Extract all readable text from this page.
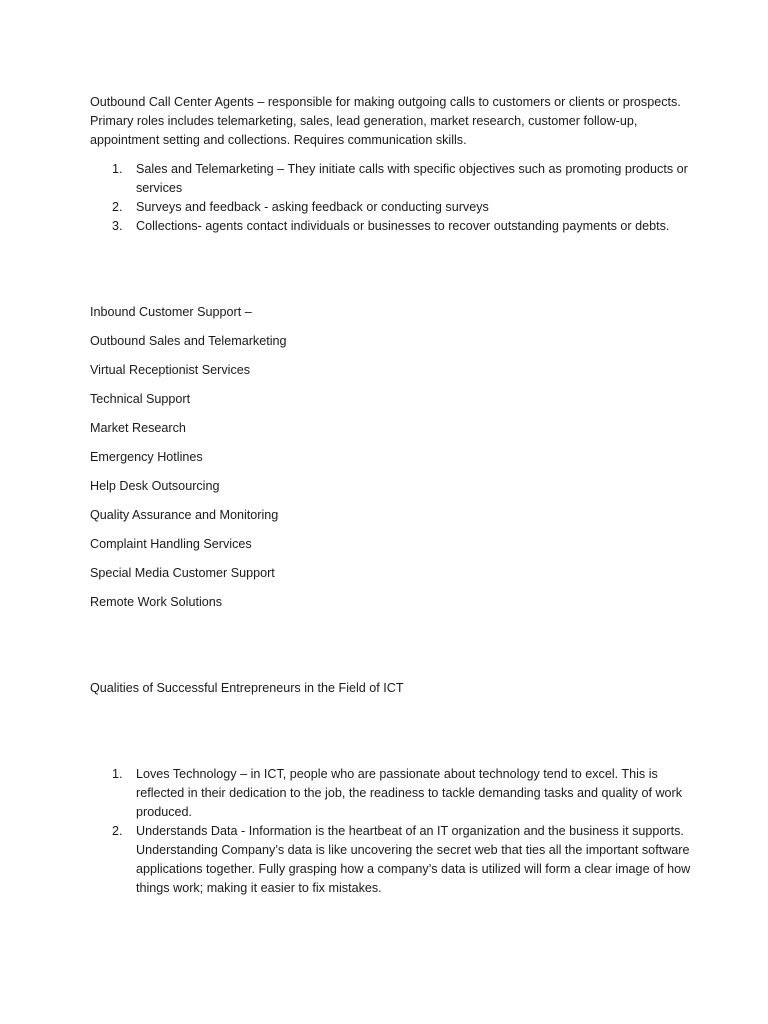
Outbound Call Center Agents – responsible for making outgoing calls to customers or clients or prospects. Primary roles includes telemarketing, sales, lead generation, market research, customer follow-up, appointment setting and collections. Requires communication skills.

1. Sales and Telemarketing – They initiate calls with specific objectives such as promoting products or services
2. Surveys and feedback - asking feedback or conducting surveys
3. Collections- agents contact individuals or businesses to recover outstanding payments or debts.

Inbound Customer Support –

Outbound Sales and Telemarketing

Virtual Receptionist Services

Technical Support

Market Research

Emergency Hotlines

Help Desk Outsourcing

Quality Assurance and Monitoring

Complaint Handling Services

Special Media Customer Support

Remote Work Solutions

Qualities of Successful Entrepreneurs in the Field of ICT

1. Loves Technology – in ICT, people who are passionate about technology tend to excel. This is reflected in their dedication to the job, the readiness to tackle demanding tasks and quality of work produced.
2. Understands Data - Information is the heartbeat of an IT organization and the business it supports. Understanding Company’s data is like uncovering the secret web that ties all the important software applications together. Fully grasping how a company’s data is utilized will form a clear image of how things work; making it easier to fix mistakes.
